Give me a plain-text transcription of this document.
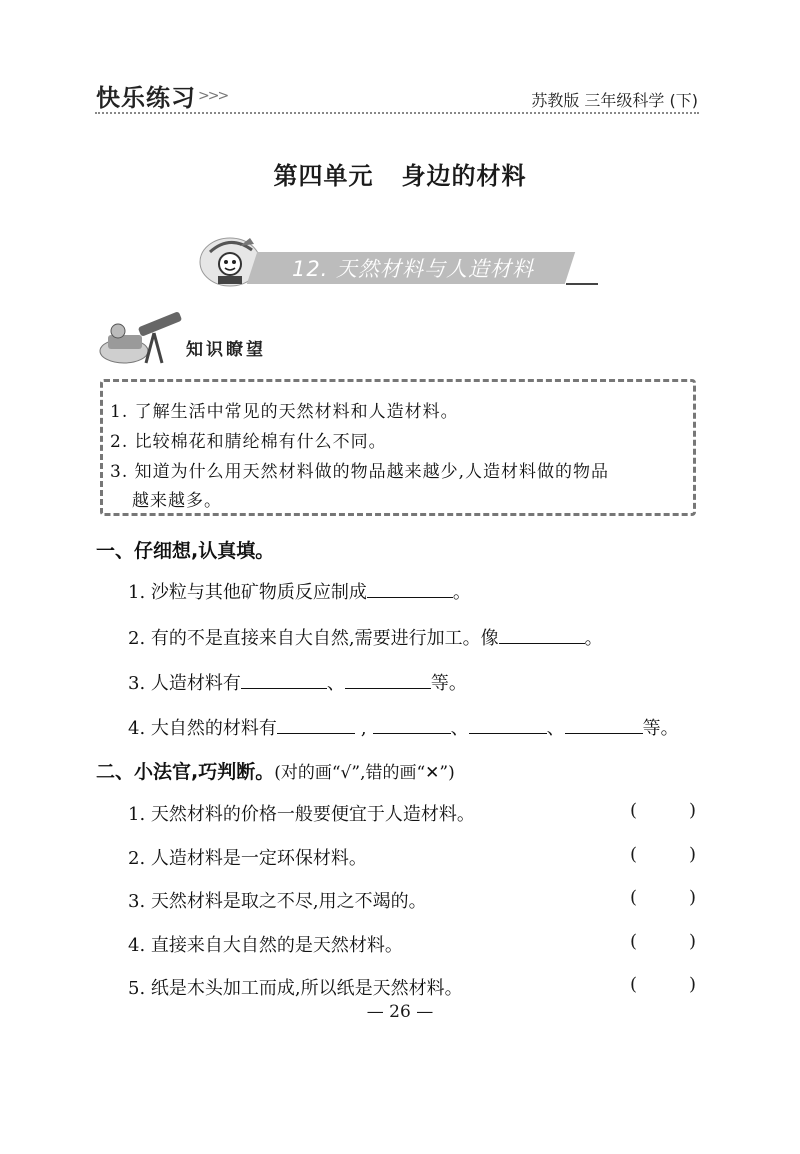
快乐练习 >>>	苏教版 三年级科学 (下)
第四单元 身边的材料
12. 天然材料与人造材料
知识瞭望
1. 了解生活中常见的天然材料和人造材料。
2. 比较棉花和腈纶棉有什么不同。
3. 知道为什么用天然材料做的物品越来越少,人造材料做的物品
越来越多。
一、仔细想,认真填。
1. 沙粒与其他矿物质反应制成	。
2. 有的不是直接来自大自然,需要进行加工。像	。
3. 人造材料有	、	等。
4. 大自然的材料有	,	、	、	等。
二、小法官,巧判断。(对的画“√”,错的画“✕”)
1. 天然材料的价格一般要便宜于人造材料。	(	)
2. 人造材料是一定环保材料。	(	)
3. 天然材料是取之不尽,用之不竭的。	(	)
4. 直接来自大自然的是天然材料。	(	)
5. 纸是木头加工而成,所以纸是天然材料。	(	)
— 26 —
